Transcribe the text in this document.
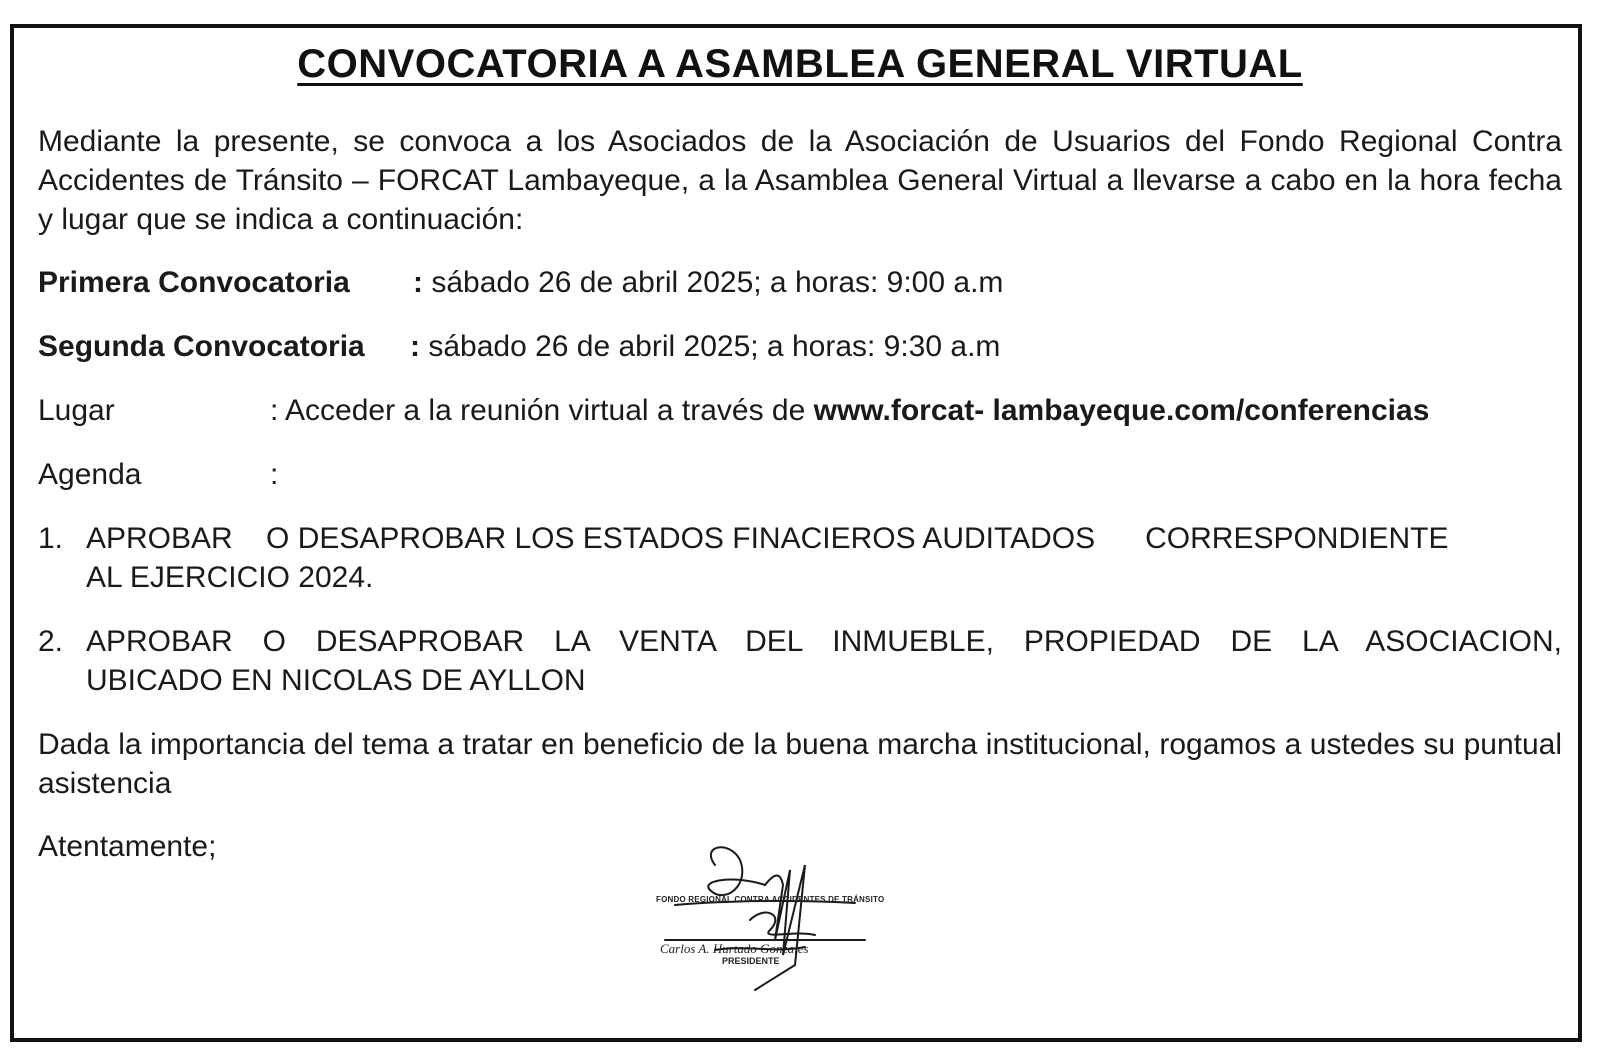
CONVOCATORIA A ASAMBLEA GENERAL VIRTUAL
Mediante la presente, se convoca a los Asociados de la Asociación de Usuarios del Fondo Regional Contra Accidentes de Tránsito – FORCAT Lambayeque, a la Asamblea General Virtual a llevarse a cabo en la hora fecha y lugar que se indica a continuación:
Primera Convocatoria : sábado 26 de abril 2025; a horas: 9:00 a.m
Segunda Convocatoria : sábado 26 de abril 2025; a horas: 9:30 a.m
Lugar	: Acceder a la reunión virtual a través de www.forcat- lambayeque.com/conferencias
Agenda	:
1. APROBAR    O DESAPROBAR LOS ESTADOS FINACIEROS AUDITADOS      CORRESPONDIENTE
AL EJERCICIO 2024.
2. APROBAR O DESAPROBAR LA VENTA DEL INMUEBLE, PROPIEDAD DE LA ASOCIACION,
UBICADO EN NICOLAS DE AYLLON
Dada la importancia del tema a tratar en beneficio de la buena marcha institucional, rogamos a ustedes su puntual asistencia
Atentamente;
FONDO REGIONAL CONTRA ACCIDENTES DE TRÁNSITO
Carlos A. Hurtado Gonzales
PRESIDENTE
